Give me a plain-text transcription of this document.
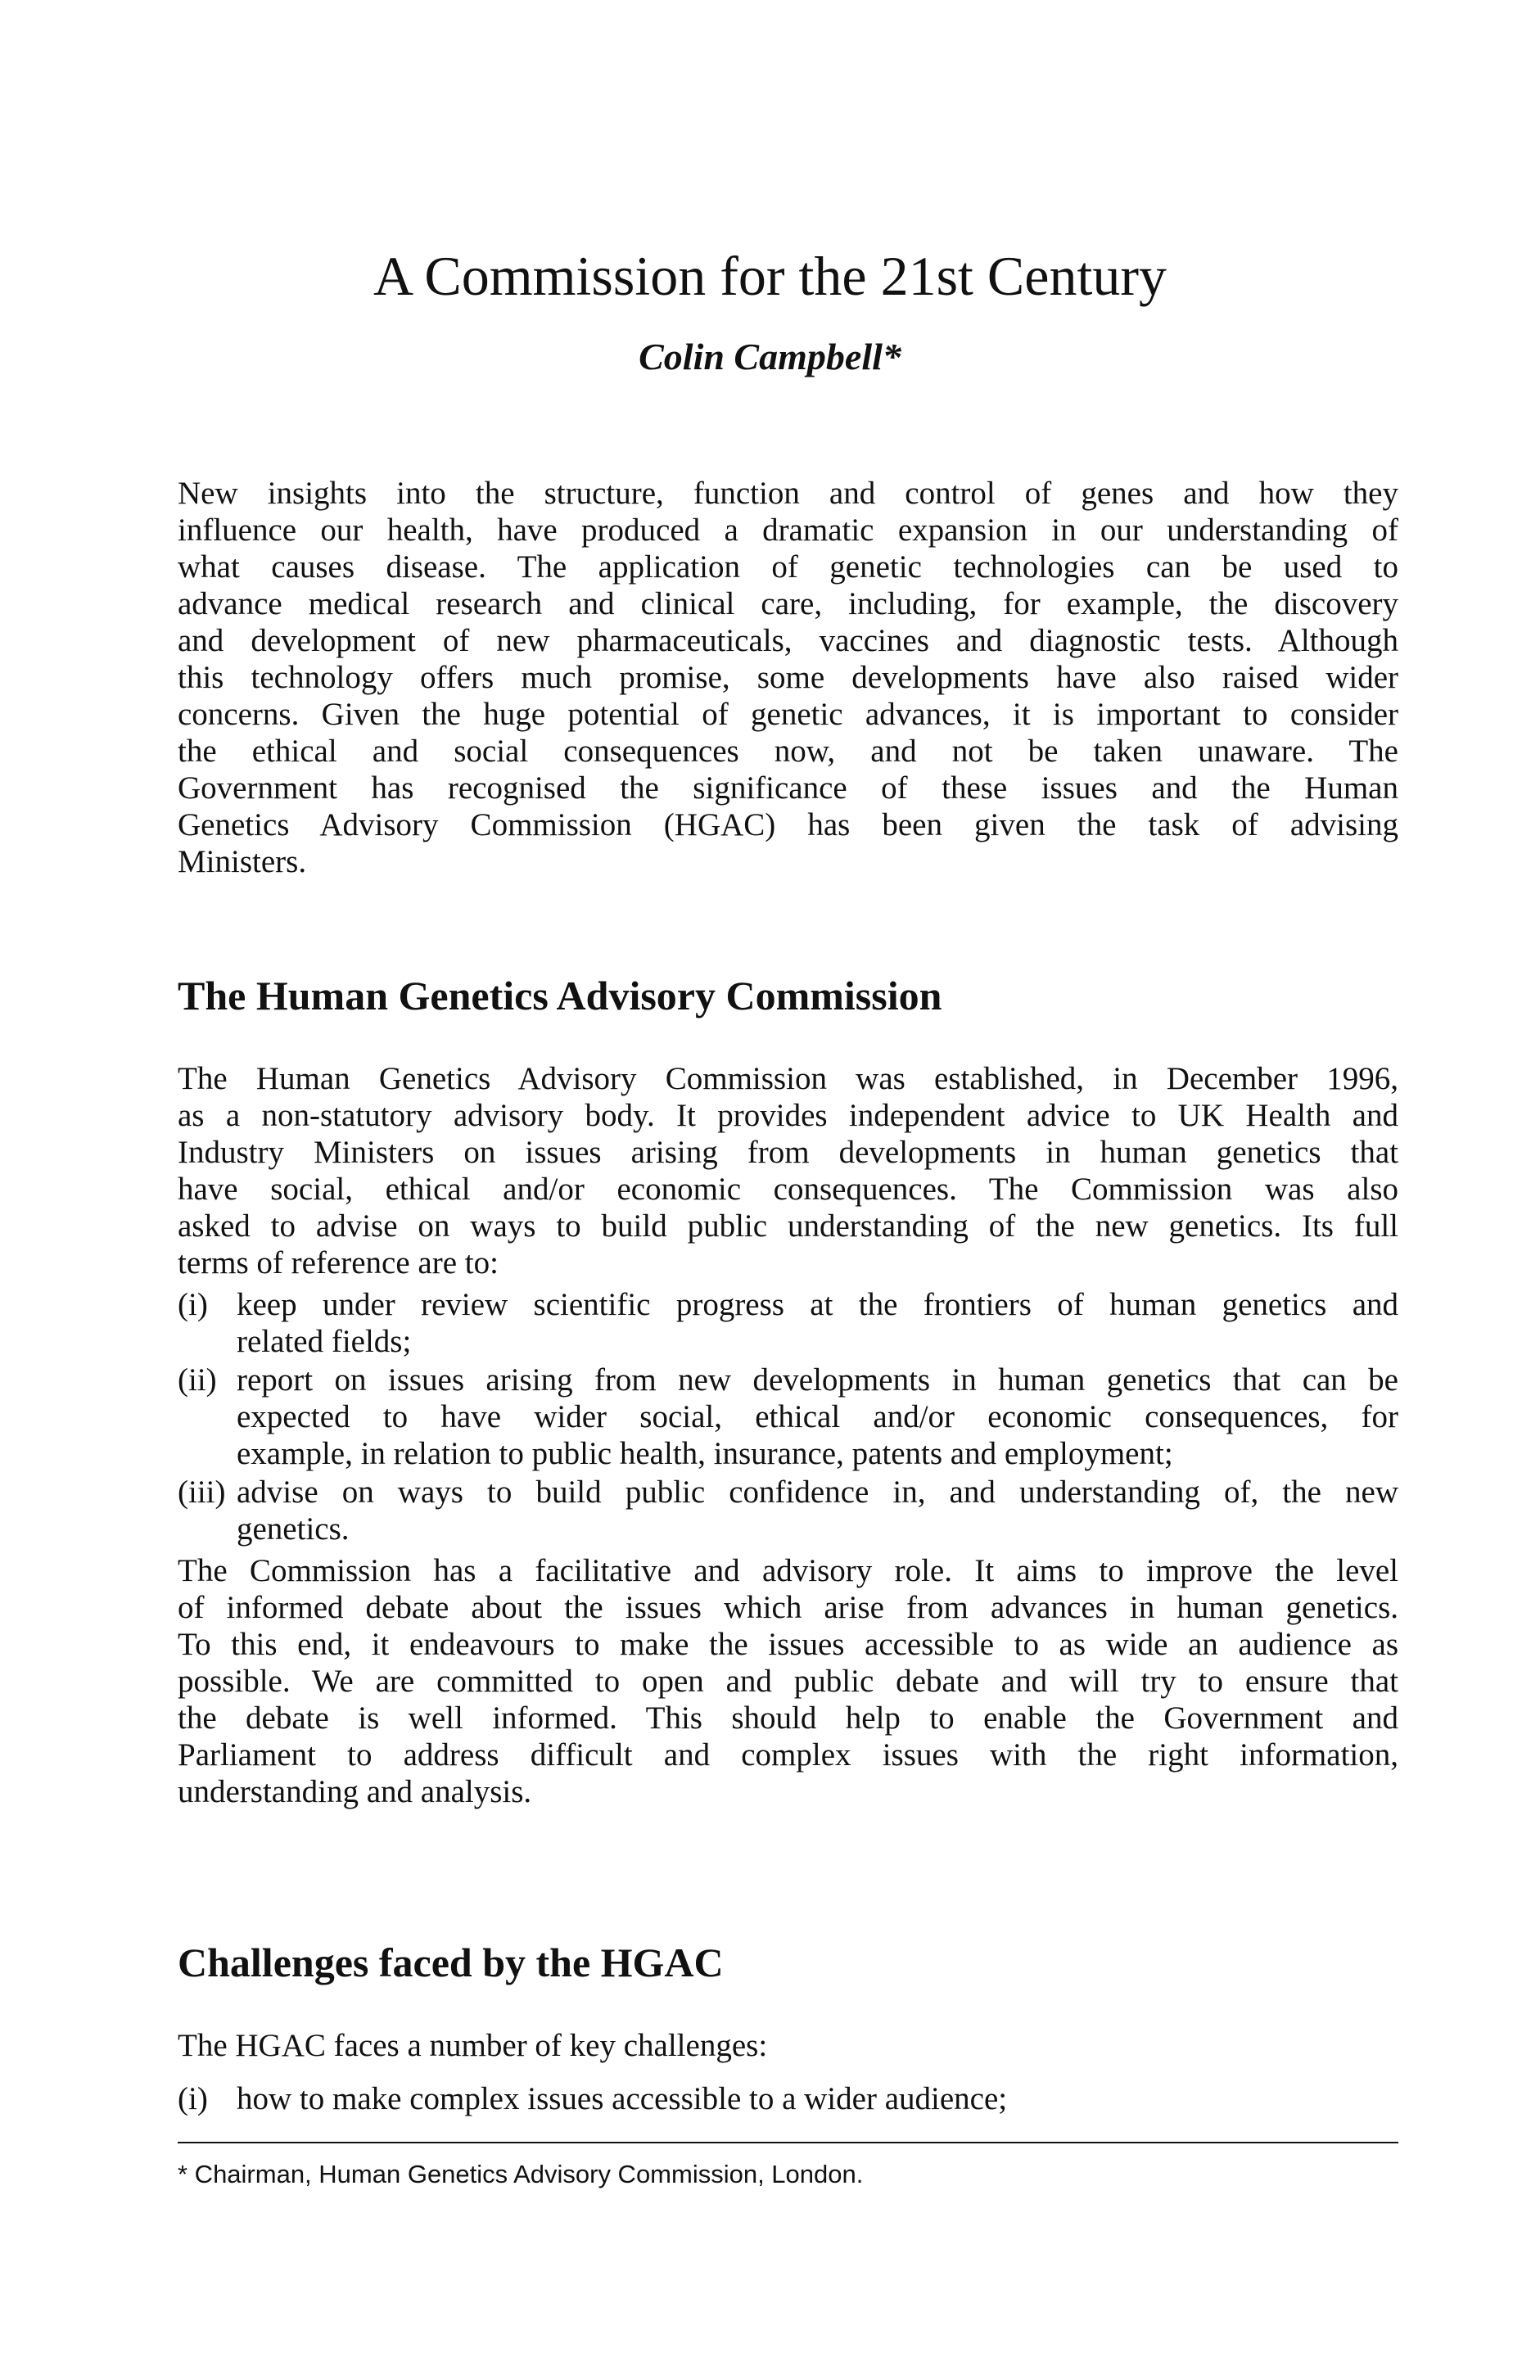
A Commission for the 21st Century
Colin Campbell*
New insights into the structure, function and control of genes and how they
influence our health, have produced a dramatic expansion in our understanding of
what causes disease. The application of genetic technologies can be used to
advance medical research and clinical care, including, for example, the discovery
and development of new pharmaceuticals, vaccines and diagnostic tests. Although
this technology offers much promise, some developments have also raised wider
concerns. Given the huge potential of genetic advances, it is important to consider
the ethical and social consequences now, and not be taken unaware. The
Government has recognised the significance of these issues and the Human
Genetics Advisory Commission (HGAC) has been given the task of advising
Ministers.
The Human Genetics Advisory Commission
The Human Genetics Advisory Commission was established, in December 1996,
as a non-statutory advisory body. It provides independent advice to UK Health and
Industry Ministers on issues arising from developments in human genetics that
have social, ethical and/or economic consequences. The Commission was also
asked to advise on ways to build public understanding of the new genetics. Its full
terms of reference are to:
(i) keep under review scientific progress at the frontiers of human genetics and
related fields;
(ii) report on issues arising from new developments in human genetics that can be
expected to have wider social, ethical and/or economic consequences, for
example, in relation to public health, insurance, patents and employment;
(iii) advise on ways to build public confidence in, and understanding of, the new
genetics.
The Commission has a facilitative and advisory role. It aims to improve the level
of informed debate about the issues which arise from advances in human genetics.
To this end, it endeavours to make the issues accessible to as wide an audience as
possible. We are committed to open and public debate and will try to ensure that
the debate is well informed. This should help to enable the Government and
Parliament to address difficult and complex issues with the right information,
understanding and analysis.
Challenges faced by the HGAC
The HGAC faces a number of key challenges:
(i) how to make complex issues accessible to a wider audience;
* Chairman, Human Genetics Advisory Commission, London.
